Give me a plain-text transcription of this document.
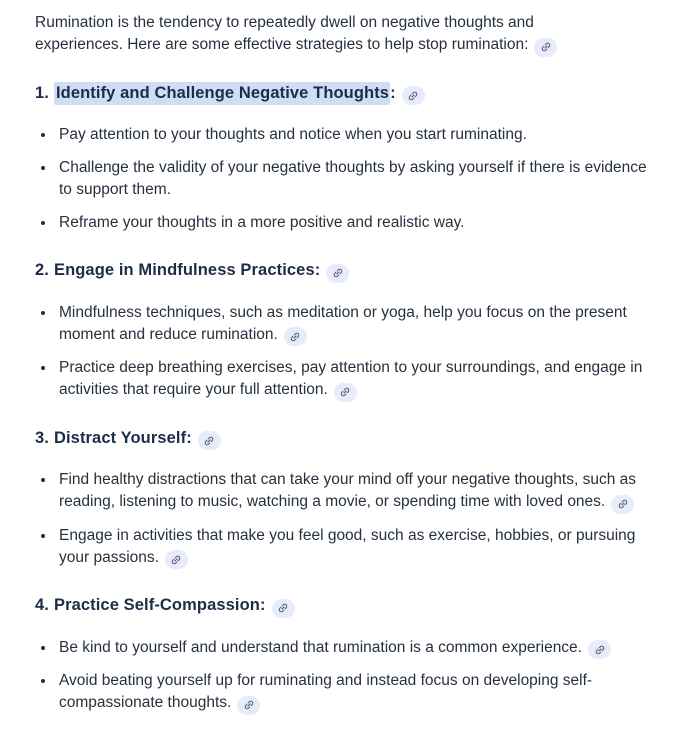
Rumination is the tendency to repeatedly dwell on negative thoughts and experiences. Here are some effective strategies to help stop rumination:

1. Identify and Challenge Negative Thoughts:
Pay attention to your thoughts and notice when you start ruminating.
Challenge the validity of your negative thoughts by asking yourself if there is evidence to support them.
Reframe your thoughts in a more positive and realistic way.
2. Engage in Mindfulness Practices:
Mindfulness techniques, such as meditation or yoga, help you focus on the present moment and reduce rumination.
Practice deep breathing exercises, pay attention to your surroundings, and engage in activities that require your full attention.
3. Distract Yourself:
Find healthy distractions that can take your mind off your negative thoughts, such as reading, listening to music, watching a movie, or spending time with loved ones.
Engage in activities that make you feel good, such as exercise, hobbies, or pursuing your passions.
4. Practice Self-Compassion:
Be kind to yourself and understand that rumination is a common experience.
Avoid beating yourself up for ruminating and instead focus on developing self-compassionate thoughts.
